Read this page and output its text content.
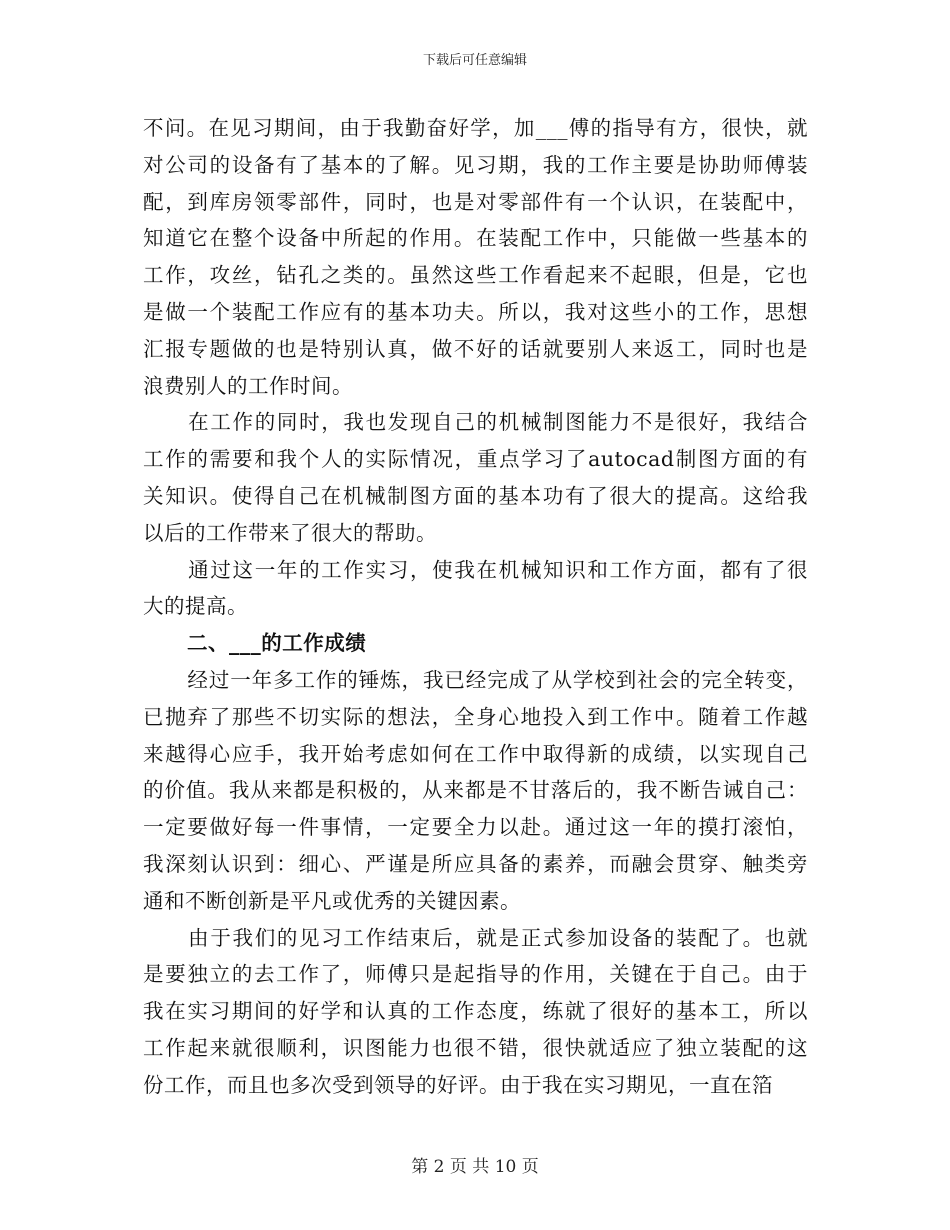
下载后可任意编辑
不问。在见习期间，由于我勤奋好学，加___傅的指导有方，很快，就
对公司的设备有了基本的了解。见习期，我的工作主要是协助师傅装
配，到库房领零部件，同时，也是对零部件有一个认识，在装配中，
知道它在整个设备中所起的作用。在装配工作中，只能做一些基本的
工作，攻丝，钻孔之类的。虽然这些工作看起来不起眼，但是，它也
是做一个装配工作应有的基本功夫。所以，我对这些小的工作，思想
汇报专题做的也是特别认真，做不好的话就要别人来返工，同时也是
浪费别人的工作时间。
在工作的同时，我也发现自己的机械制图能力不是很好，我结合
工作的需要和我个人的实际情况，重点学习了autocad制图方面的有
关知识。使得自己在机械制图方面的基本功有了很大的提高。这给我
以后的工作带来了很大的帮助。
通过这一年的工作实习，使我在机械知识和工作方面，都有了很
大的提高。
二、___的工作成绩
经过一年多工作的锤炼，我已经完成了从学校到社会的完全转变，
已抛弃了那些不切实际的想法，全身心地投入到工作中。随着工作越
来越得心应手，我开始考虑如何在工作中取得新的成绩，以实现自己
的价值。我从来都是积极的，从来都是不甘落后的，我不断告诫自己：
一定要做好每一件事情，一定要全力以赴。通过这一年的摸打滚怕，
我深刻认识到：细心、严谨是所应具备的素养，而融会贯穿、触类旁
通和不断创新是平凡或优秀的关键因素。
由于我们的见习工作结束后，就是正式参加设备的装配了。也就
是要独立的去工作了，师傅只是起指导的作用，关键在于自己。由于
我在实习期间的好学和认真的工作态度，练就了很好的基本工，所以
工作起来就很顺利，识图能力也很不错，很快就适应了独立装配的这
份工作，而且也多次受到领导的好评。由于我在实习期见，一直在箔
第 2 页 共 10 页
